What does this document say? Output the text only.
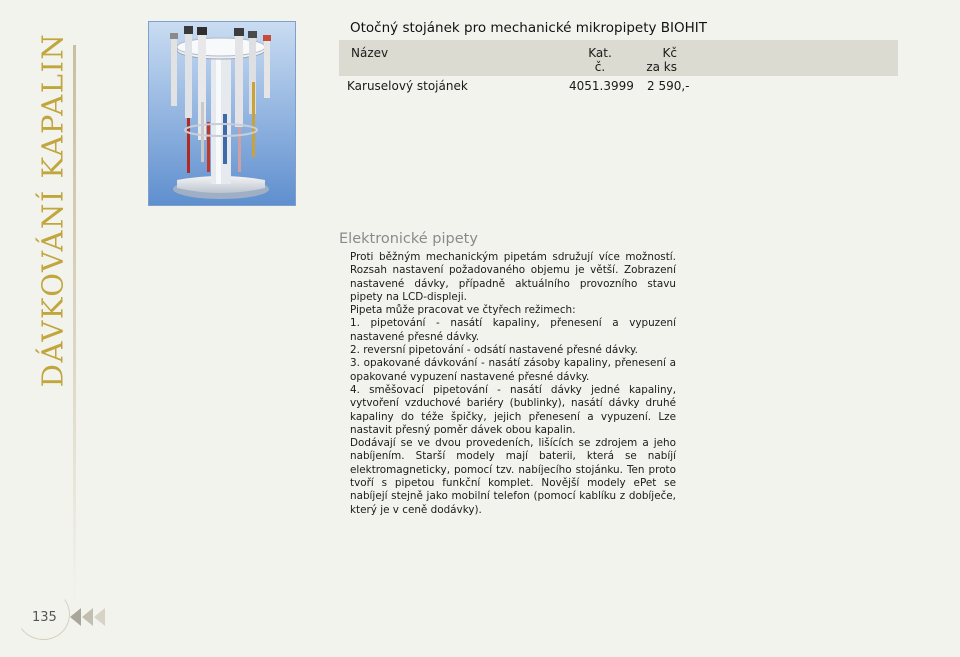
DÁVKOVÁNÍ KAPALIN
135
Otočný stojánek pro mechanické mikropipety BIOHIT
Název	Kat.
č.
Kč
za ks
Karuselový stojánek	4051.3999 2 590,-
Elektronické pipety

Proti běžným mechanickým pipetám sdružují více možností. Rozsah nastavení požadovaného objemu je větší. Zobrazení nastavené dávky, případně aktuálního provozního stavu pipety na LCD-displeji.

Pipeta může pracovat ve čtyřech režimech:

1. pipetování - nasátí kapaliny, přenesení a vypuzení nastavené přesné dávky.

2. reversní pipetování - odsátí nastavené přesné dávky.

3. opakované dávkování - nasátí zásoby kapaliny, přenesení a opakované vypuzení nastavené přesné dávky.

4. směšovací pipetování - nasátí dávky jedné kapaliny, vytvoření vzduchové bariéry (bublinky), nasátí dávky druhé kapaliny do téže špičky, jejich přenesení a vypuzení. Lze nastavit přesný poměr dávek obou kapalin.

Dodávají se ve dvou provedeních, lišících se zdrojem a jeho nabíjením. Starší modely mají baterii, která se nabíjí elektromagneticky, pomocí tzv. nabíjecího stojánku. Ten proto tvoří s pipetou funkční komplet. Novější modely ePet se nabíjejí stejně jako mobilní telefon (pomocí kablíku z dobíječe, který je v ceně dodávky).
